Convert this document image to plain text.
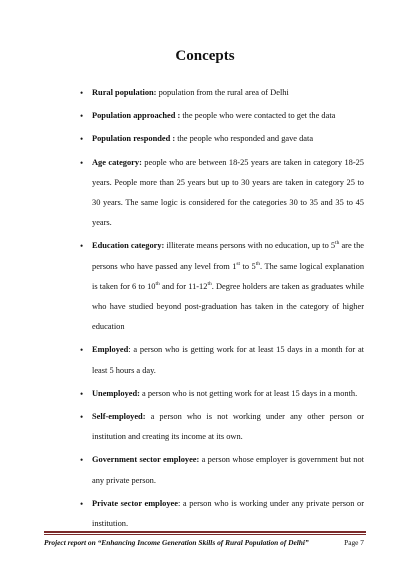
Concepts
• Rural population: population from the rural area of Delhi
• Population approached : the people who were contacted to get the data
• Population responded : the people who responded and gave data
• Age category: people who are between 18-25 years are taken in category 18-25 years. People more than 25 years but up to 30 years are taken in category 25 to 30 years. The same logic is considered for the categories 30 to 35 and 35 to 45 years.
• Education category: illiterate means persons with no education, up to 5th are the persons who have passed any level from 1st to 5th. The same logical explanation is taken for 6 to 10th and for 11-12th. Degree holders are taken as graduates while who have studied beyond post-graduation has taken in the category of higher education
• Employed: a person who is getting work for at least 15 days in a month for at least 5 hours a day.
• Unemployed: a person who is not getting work for at least 15 days in a month.
• Self-employed: a person who is not working under any other person or institution and creating its income at its own.
• Government sector employee: a person whose employer is government but not any private person.
• Private sector employee: a person who is working under any private person or institution.
Project report on “Enhancing Income Generation Skills of Rural Population of Delhi”	Page 7
